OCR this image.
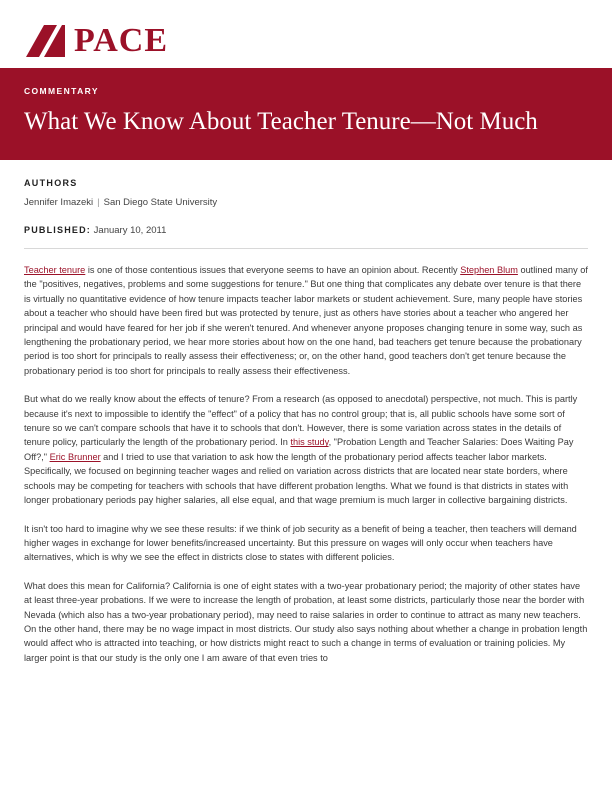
PACE
COMMENTARY
What We Know About Teacher Tenure—Not Much
AUTHORS
Jennifer Imazeki | San Diego State University
PUBLISHED: January 10, 2011

Teacher tenure is one of those contentious issues that everyone seems to have an opinion about. Recently Stephen Blum outlined many of the "positives, negatives, problems and some suggestions for tenure." But one thing that complicates any debate over tenure is that there is virtually no quantitative evidence of how tenure impacts teacher labor markets or student achievement. Sure, many people have stories about a teacher who should have been fired but was protected by tenure, just as others have stories about a teacher who angered her principal and would have feared for her job if she weren't tenured. And whenever anyone proposes changing tenure in some way, such as lengthening the probationary period, we hear more stories about how on the one hand, bad teachers get tenure because the probationary period is too short for principals to really assess their effectiveness; or, on the other hand, good teachers don't get tenure because the probationary period is too short for principals to really assess their effectiveness.

But what do we really know about the effects of tenure? From a research (as opposed to anecdotal) perspective, not much. This is partly because it's next to impossible to identify the "effect" of a policy that has no control group; that is, all public schools have some sort of tenure so we can't compare schools that have it to schools that don't. However, there is some variation across states in the details of tenure policy, particularly the length of the probationary period. In this study, "Probation Length and Teacher Salaries: Does Waiting Pay Off?," Eric Brunner and I tried to use that variation to ask how the length of the probationary period affects teacher labor markets. Specifically, we focused on beginning teacher wages and relied on variation across districts that are located near state borders, where schools may be competing for teachers with schools that have different probation lengths. What we found is that districts in states with longer probationary periods pay higher salaries, all else equal, and that wage premium is much larger in collective bargaining districts.

It isn't too hard to imagine why we see these results: if we think of job security as a benefit of being a teacher, then teachers will demand higher wages in exchange for lower benefits/increased uncertainty. But this pressure on wages will only occur when teachers have alternatives, which is why we see the effect in districts close to states with different policies.

What does this mean for California? California is one of eight states with a two-year probationary period; the majority of other states have at least three-year probations. If we were to increase the length of probation, at least some districts, particularly those near the border with Nevada (which also has a two-year probationary period), may need to raise salaries in order to continue to attract as many new teachers. On the other hand, there may be no wage impact in most districts. Our study also says nothing about whether a change in probation length would affect who is attracted into teaching, or how districts might react to such a change in terms of evaluation or training policies. My larger point is that our study is the only one I am aware of that even tries to
